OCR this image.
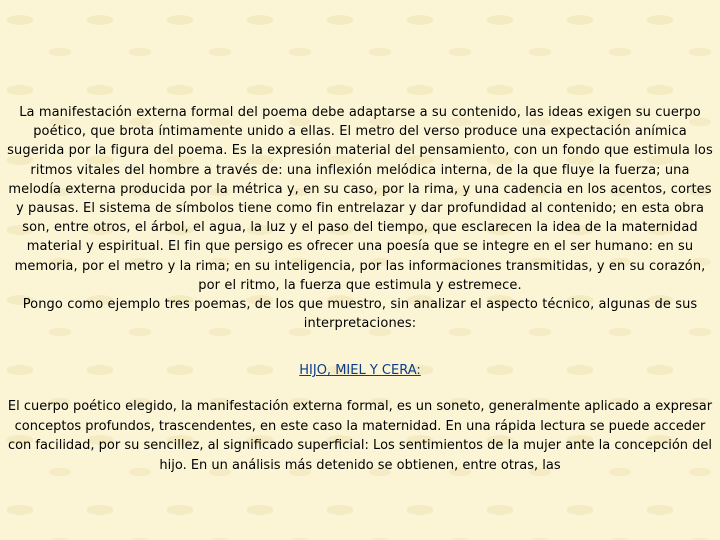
La manifestación externa formal del poema debe adaptarse a su contenido, las ideas exigen su cuerpo poético, que brota íntimamente unido a ellas. El metro del verso produce una expectación anímica sugerida por la figura del poema. Es la expresión material del pensamiento, con un fondo que estimula los ritmos vitales del hombre a través de: una inflexión melódica interna, de la que fluye la fuerza; una melodía externa producida por la métrica y, en su caso, por la rima, y una cadencia en los acentos, cortes y pausas. El sistema de símbolos tiene como fin entrelazar y dar profundidad al contenido; en esta obra son, entre otros, el árbol, el agua, la luz y el paso del tiempo, que esclarecen la idea de la maternidad material y espiritual. El fin que persigo es ofrecer una poesía que se integre en el ser humano: en su memoria, por el metro y la rima; en su inteligencia, por las informaciones transmitidas, y en su corazón, por el ritmo, la fuerza que estimula y estremece.

Pongo como ejemplo tres poemas, de los que muestro, sin analizar el aspecto técnico, algunas de sus interpretaciones:

HIJO, MIEL Y CERA:

El cuerpo poético elegido, la manifestación externa formal, es un soneto, generalmente aplicado a expresar conceptos profundos, trascendentes, en este caso la maternidad. En una rápida lectura se puede acceder con facilidad, por su sencillez, al significado superficial: Los sentimientos de la mujer ante la concepción del hijo. En un análisis más detenido se obtienen, entre otras, las
